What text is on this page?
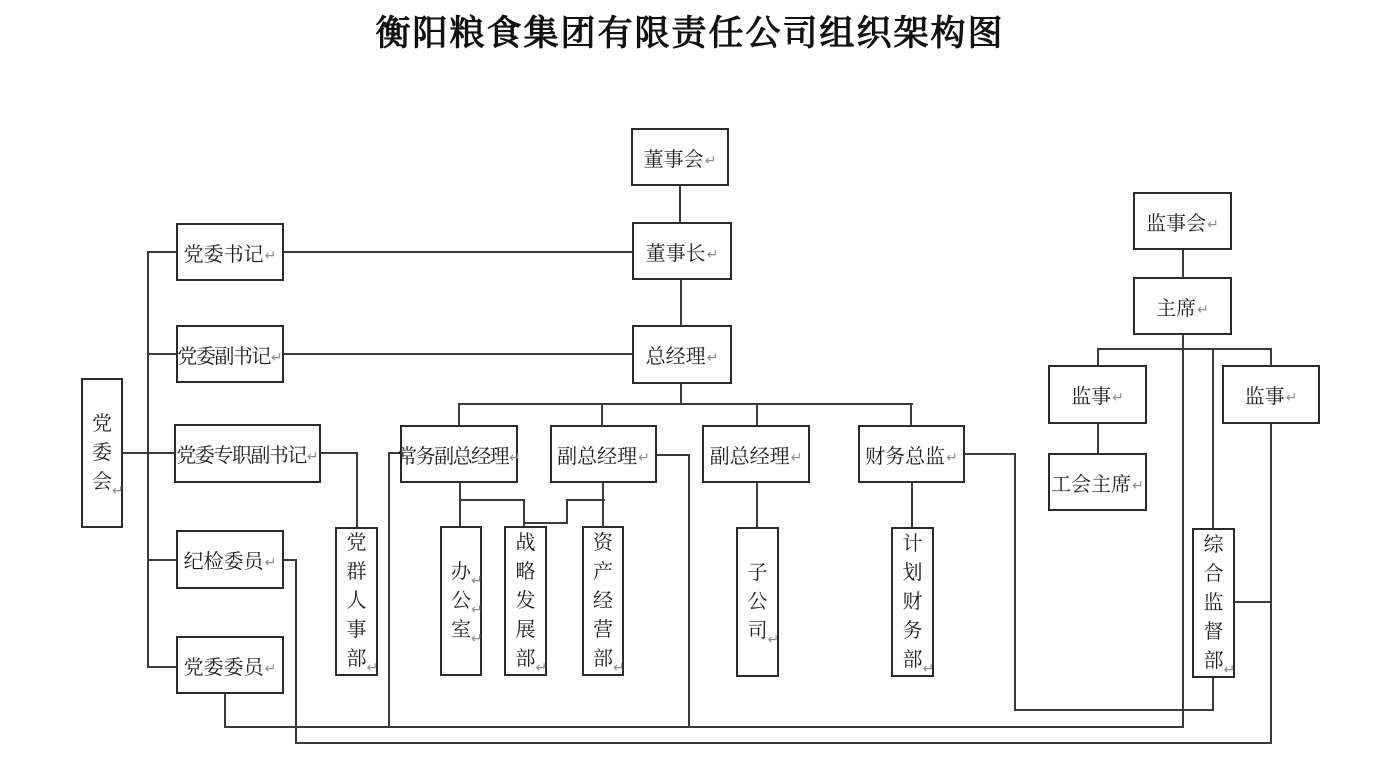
衡阳粮食集团有限责任公司组织架构图
董事会 ↵
董事长 ↵
总经理 ↵
党委书记 ↵
党委副书记 ↵
党委专职副书记 ↵
纪检委员 ↵
党委委员 ↵
党
委
会 ↵
党
群
人
事
部 ↵
常务副总经理 ↵ 副总经理 ↵	副总经理 ↵	财务总监 ↵
办 ↵
公 ↵
室 ↵
战
略
发
展
部 ↵
资
产
经
营
部 ↵
子
公
司 ↵
计
划
财
务
部 ↵
监事会 ↵
主席 ↵
监事 ↵	监事 ↵
工会主席 ↵
综
合
监
督
部 ↵
